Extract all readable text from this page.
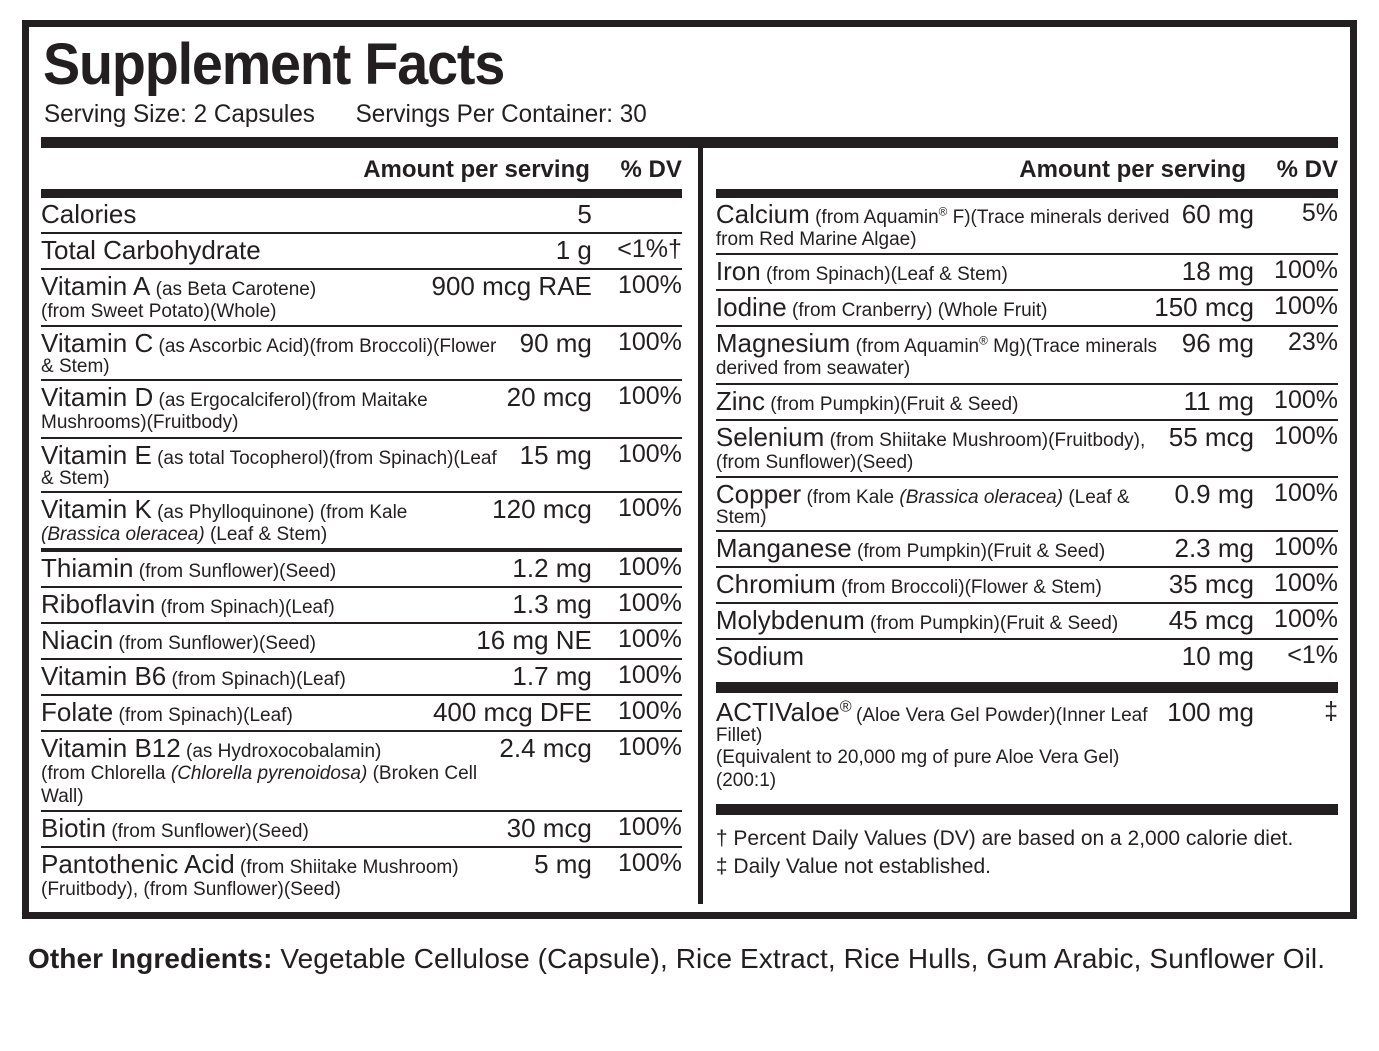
Supplement Facts
Serving Size: 2 Capsules Servings Per Container: 30
Amount per serving	% DV
Calories	5
Total Carbohydrate	1 g	<1%†
Vitamin A (as Beta Carotene)
(from Sweet Potato)(Whole)
900 mcg RAE	100%
Vitamin C (as Ascorbic Acid)(from Broccoli)(Flower & Stem)
90 mg	100%
Vitamin D (as Ergocalciferol)(from Maitake
Mushrooms)(Fruitbody)
20 mcg	100%
Vitamin E (as total Tocopherol)(from Spinach)(Leaf & Stem)
15 mg	100%
Vitamin K (as Phylloquinone) (from Kale
(Brassica oleracea) (Leaf & Stem)
120 mcg	100%
Thiamin (from Sunflower)(Seed)	1.2 mg	100%
Riboflavin (from Spinach)(Leaf)	1.3 mg	100%
Niacin (from Sunflower)(Seed)	16 mg NE	100%
Vitamin B6 (from Spinach)(Leaf)	1.7 mg	100%
Folate (from Spinach)(Leaf)	400 mcg DFE	100%
Vitamin B12 (as Hydroxocobalamin)
(from Chlorella (Chlorella pyrenoidosa) (Broken Cell Wall)
2.4 mcg	100%
Biotin (from Sunflower)(Seed)	30 mcg	100%
Pantothenic Acid (from Shiitake Mushroom)
(Fruitbody), (from Sunflower)(Seed)
5 mg	100%
Amount per serving	% DV
Calcium (from Aquamin® F)(Trace minerals derived
from Red Marine Algae)
60 mg	5%
Iron (from Spinach)(Leaf & Stem)	18 mg 100%
Iodine (from Cranberry) (Whole Fruit)	150 mcg 100%
Magnesium (from Aquamin® Mg)(Trace minerals
derived from seawater)
96 mg	23%
Zinc (from Pumpkin)(Fruit & Seed)	11 mg 100%
Selenium (from Shiitake Mushroom)(Fruitbody),
(from Sunflower)(Seed)
55 mcg 100%
Copper (from Kale (Brassica oleracea) (Leaf & Stem)
0.9 mg 100%
Manganese (from Pumpkin)(Fruit & Seed)	2.3 mg 100%
Chromium (from Broccoli)(Flower & Stem)	35 mcg 100%
Molybdenum (from Pumpkin)(Fruit & Seed)	45 mcg 100%
Sodium	10 mg	<1%
ACTIValoe® (Aloe Vera Gel Powder)(Inner Leaf Fillet)
(Equivalent to 20,000 mg of pure Aloe Vera Gel)(200:1)
100 mg	‡
† Percent Daily Values (DV) are based on a 2,000 calorie diet.
‡ Daily Value not established.
Other Ingredients: Vegetable Cellulose (Capsule), Rice Extract, Rice Hulls, Gum Arabic, Sunflower Oil.
